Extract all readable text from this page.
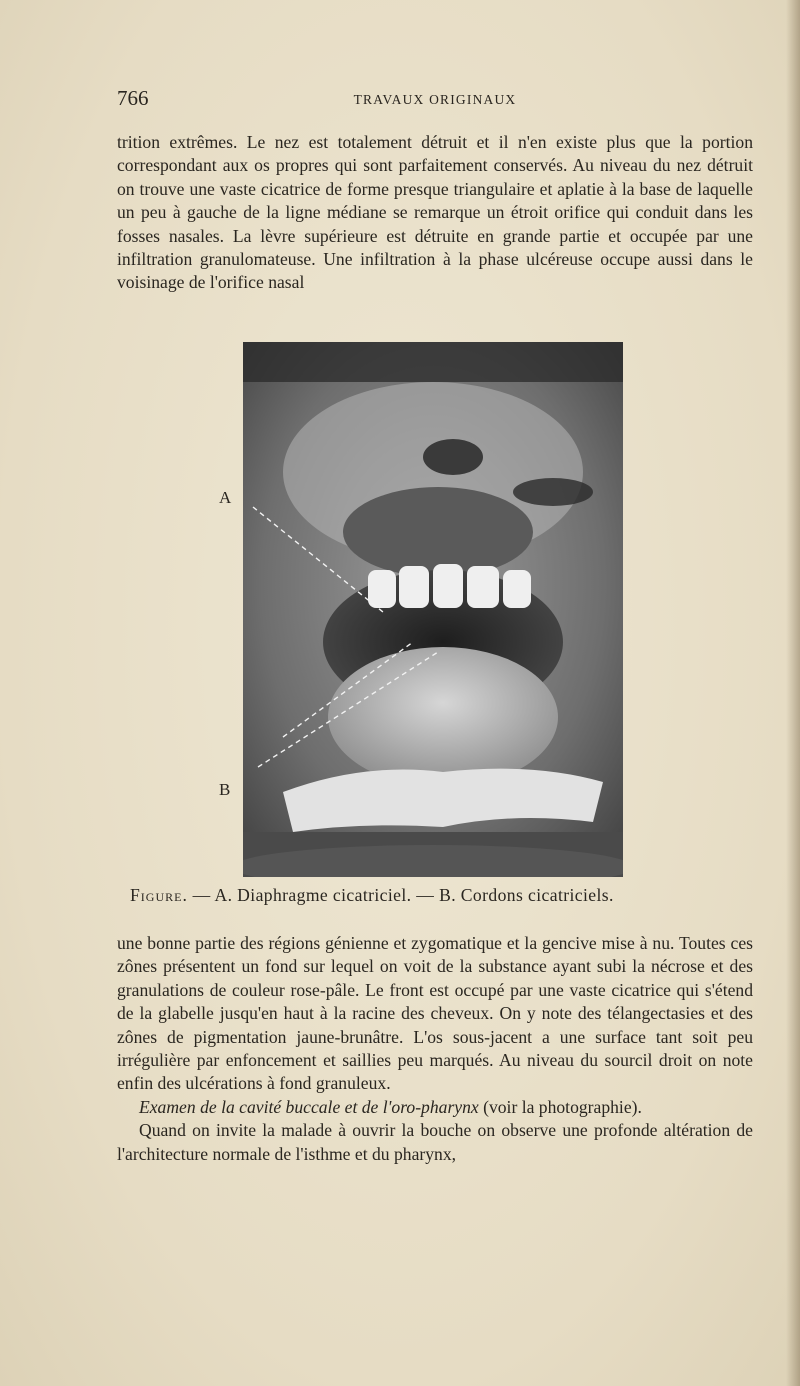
766	TRAVAUX ORIGINAUX

trition extrêmes. Le nez est totalement détruit et il n'en existe plus que la portion correspondant aux os propres qui sont parfaitement conservés. Au niveau du nez détruit on trouve une vaste cicatrice de forme presque triangulaire et aplatie à la base de laquelle un peu à gauche de la ligne médiane se remarque un étroit orifice qui conduit dans les fosses nasales. La lèvre supérieure est détruite en grande partie et occupée par une infiltration granulomateuse. Une infiltration à la phase ulcéreuse occupe aussi dans le voisinage de l'orifice nasal

A
B
Figure. — A. Diaphragme cicatriciel. — B. Cordons cicatriciels.

une bonne partie des régions génienne et zygomatique et la gencive mise à nu. Toutes ces zônes présentent un fond sur lequel on voit de la substance ayant subi la nécrose et des granulations de couleur rose-pâle. Le front est occupé par une vaste cicatrice qui s'étend de la glabelle jusqu'en haut à la racine des cheveux. On y note des télangectasies et des zônes de pigmentation jaune-brunâtre. L'os sous-jacent a une surface tant soit peu irrégulière par enfoncement et saillies peu marqués. Au niveau du sourcil droit on note enfin des ulcérations à fond granuleux.

Examen de la cavité buccale et de l'oro-pharynx (voir la photographie).

Quand on invite la malade à ouvrir la bouche on observe une profonde altération de l'architecture normale de l'isthme et du pharynx,
